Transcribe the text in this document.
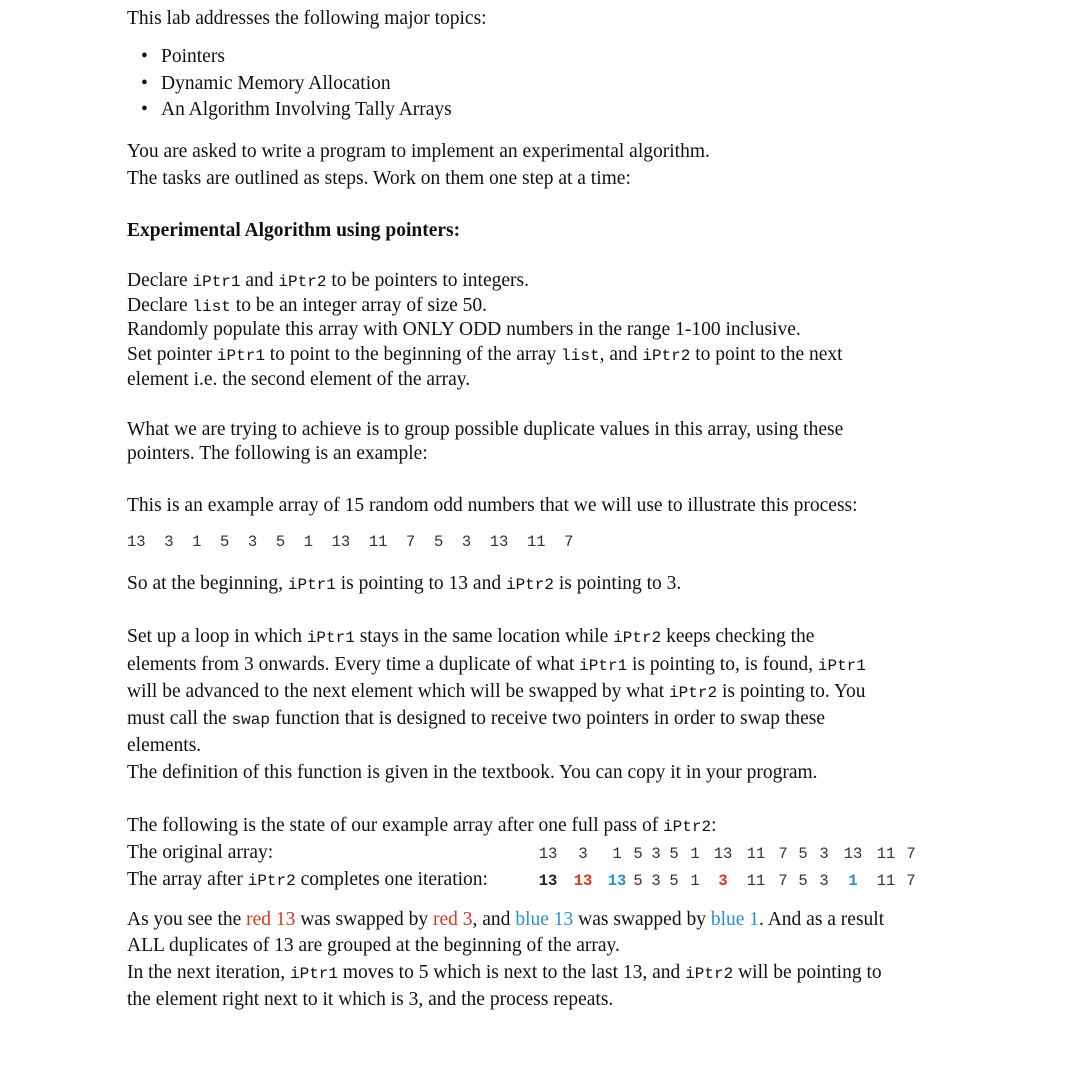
This lab addresses the following major topics:
• Pointers
• Dynamic Memory Allocation
• An Algorithm Involving Tally Arrays
You are asked to write a program to implement an experimental algorithm.
The tasks are outlined as steps. Work on them one step at a time:
Experimental Algorithm using pointers:
Declare iPtr1 and iPtr2 to be pointers to integers.
Declare list to be an integer array of size 50.
Randomly populate this array with ONLY ODD numbers in the range 1-100 inclusive.
Set pointer iPtr1 to point to the beginning of the array list, and iPtr2 to point to the next
element i.e. the second element of the array.
What we are trying to achieve is to group possible duplicate values in this array, using these
pointers. The following is an example:
This is an example array of 15 random odd numbers that we will use to illustrate this process:
13  3  1  5  3  5  1  13  11  7  5  3  13  11  7
So at the beginning, iPtr1 is pointing to 13 and iPtr2 is pointing to 3.
Set up a loop in which iPtr1 stays in the same location while iPtr2 keeps checking the
elements from 3 onwards. Every time a duplicate of what iPtr1 is pointing to, is found, iPtr1
will be advanced to the next element which will be swapped by what iPtr2 is pointing to. You
must call the swap function that is designed to receive two pointers in order to swap these
elements.
The definition of this function is given in the textbook. You can copy it in your program.
The following is the state of our example array after one full pass of iPtr2:
The original array:	13 3 1 5 3 5 1 13 11 7 5 3 13 11 7
The array after iPtr2 completes one iteration:	13 13 13 5 3 5 1 3 11 7 5 3 1 11 7
As you see the red 13 was swapped by red 3, and blue 13 was swapped by blue 1. And as a result
ALL duplicates of 13 are grouped at the beginning of the array.
In the next iteration, iPtr1 moves to 5 which is next to the last 13, and iPtr2 will be pointing to
the element right next to it which is 3, and the process repeats.
